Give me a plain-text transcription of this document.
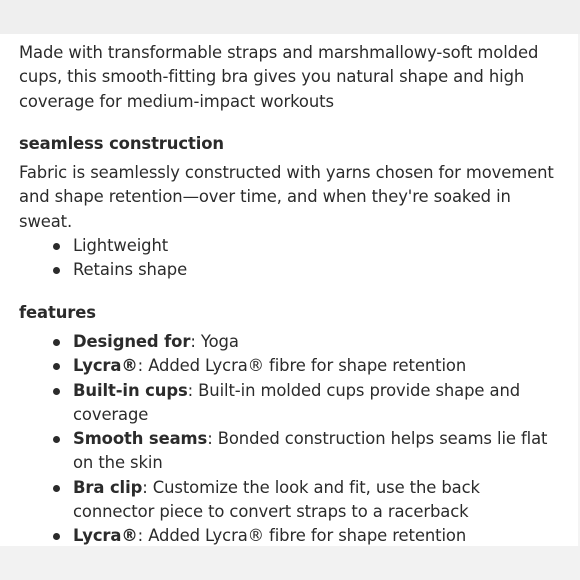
Made with transformable straps and marshmallowy-soft molded cups, this smooth-fitting bra gives you natural shape and high coverage for medium-impact workouts

seamless construction

Fabric is seamlessly constructed with yarns chosen for movement and shape retention—over time, and when they're soaked in sweat.

Lightweight
Retains shape
features
Designed for: Yoga
Lycra®: Added Lycra® fibre for shape retention
Built-in cups: Built-in molded cups provide shape and coverage
Smooth seams: Bonded construction helps seams lie flat on the skin
Bra clip: Customize the look and fit, use the back connector piece to convert straps to a racerback
Lycra®: Added Lycra® fibre for shape retention
